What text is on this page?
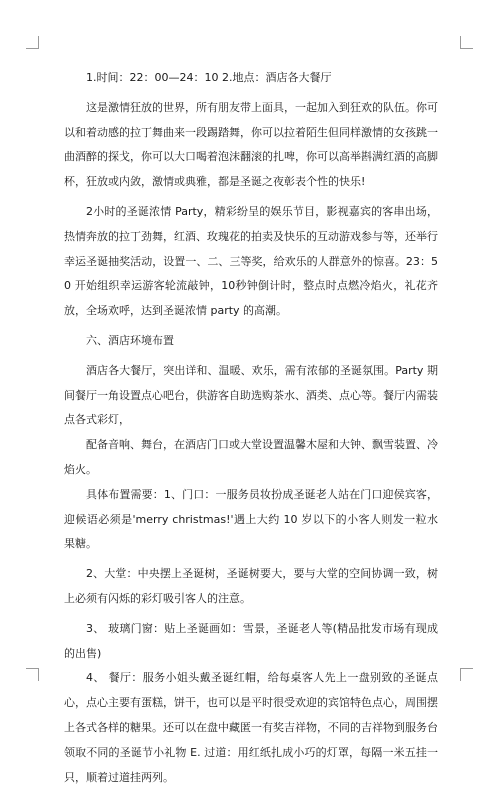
1.时间：22：00—24：10 2.地点：酒店各大餐厅

这是激情狂放的世界，所有朋友带上面具，一起加入到狂欢的队伍。你可以和着动感的拉丁舞曲来一段踢踏舞，你可以拉着陌生但同样激情的女孩跳一曲酒醉的探戈，你可以大口喝着泡沫翻滚的扎啤，你可以高举斟满红酒的高脚杯，狂放或内敛，激情或典雅，都是圣诞之夜彰表个性的快乐!

2小时的圣诞浓情 Party，精彩纷呈的娱乐节目，影视嘉宾的客串出场，热情奔放的拉丁劲舞，红酒、玫瑰花的拍卖及快乐的互动游戏参与等，还举行幸运圣诞抽奖活动，设置一、二、三等奖，给欢乐的人群意外的惊喜。23：50 开始组织幸运游客轮流敲钟，10秒钟倒计时，整点时点燃冷焰火，礼花齐放，全场欢呼，达到圣诞浓情 party 的高潮。

六、酒店环境布置

酒店各大餐厅，突出详和、温暖、欢乐，需有浓郁的圣诞氛围。Party 期间餐厅一角设置点心吧台，供游客自助选购茶水、酒类、点心等。餐厅内需装点各式彩灯，

配备音响、舞台，在酒店门口或大堂设置温馨木屋和大钟、飘雪装置、冷焰火。

具体布置需要：1、门口：一服务员妆扮成圣诞老人站在门口迎侯宾客，迎候语必须是'merry christmas!'遇上大约 10 岁以下的小客人则发一粒水果糖。

2、大堂：中央摆上圣诞树，圣诞树要大，要与大堂的空间协调一致，树上必须有闪烁的彩灯吸引客人的注意。

3、 玻璃门窗：贴上圣诞画如：雪景，圣诞老人等(精品批发市场有现成的出售)

4、 餐厅：服务小姐头戴圣诞红帽，给每桌客人先上一盘别致的圣诞点心，点心主要有蛋糕，饼干，也可以是平时很受欢迎的宾馆特色点心，周围摆上各式各样的糖果。还可以在盘中藏匿一有奖吉祥物，不同的吉祥物到服务台领取不同的圣诞节小礼物 E. 过道：用红纸扎成小巧的灯罩，每隔一米五挂一只，顺着过道挂两列。
